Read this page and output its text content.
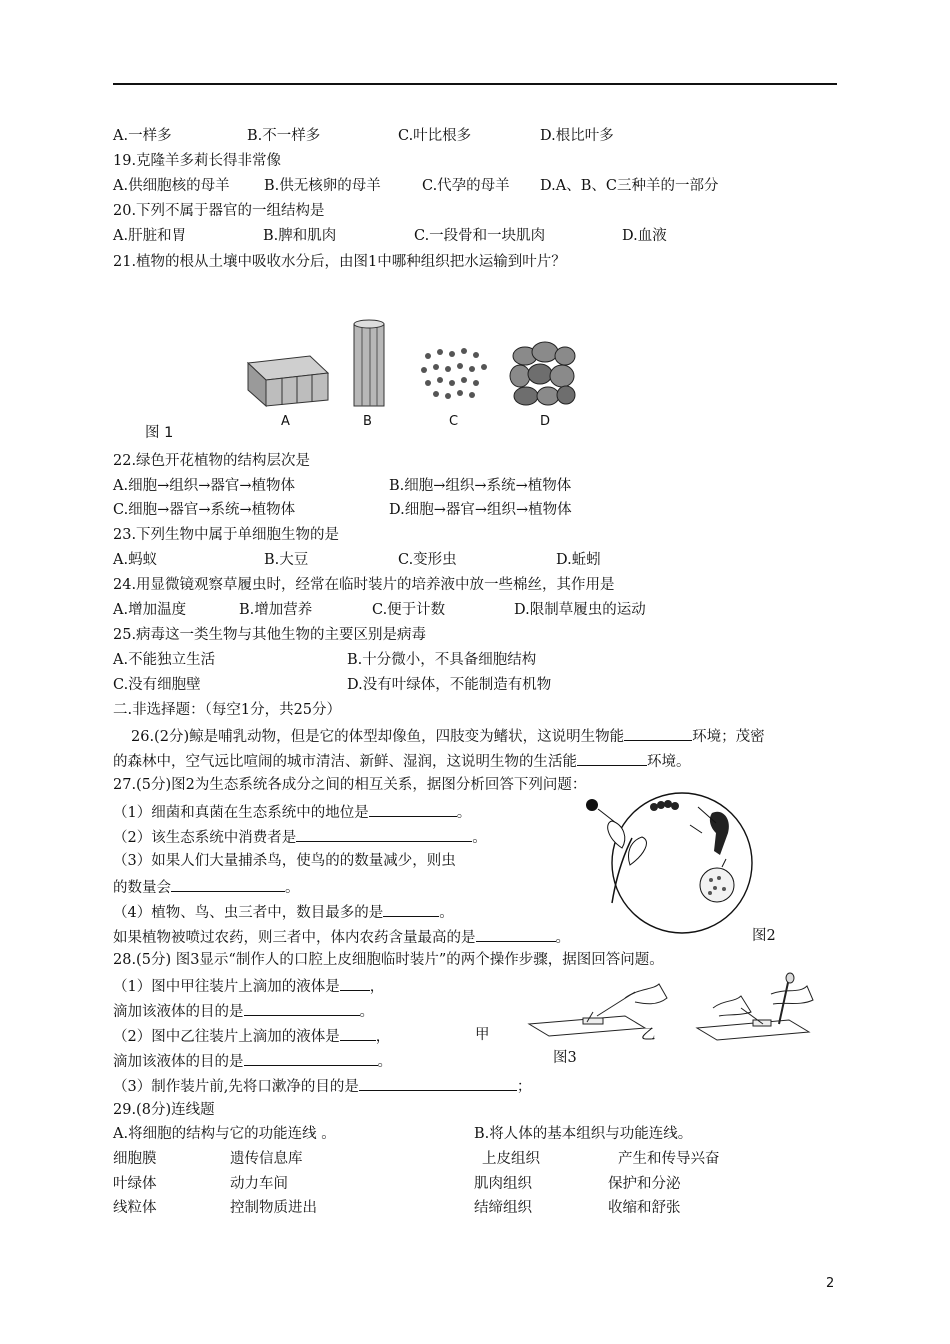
A.一样多	B.不一样多	C.叶比根多	D.根比叶多
19.克隆羊多莉长得非常像
A.供细胞核的母羊 B.供无核卵的母羊	C.代孕的母羊 D.A、B、C三种羊的一部分
20.下列不属于器官的一组结构是
A.肝脏和胃	B.脾和肌肉	C.一段骨和一块肌肉	D.血液
21.植物的根从土壤中吸收水分后，由图1中哪种组织把水运输到叶片？
A	B	C	D
图 1
22.绿色开花植物的结构层次是
A.细胞→组织→器官→植物体	B.细胞→组织→系统→植物体
C.细胞→器官→系统→植物体	D.细胞→器官→组织→植物体
23.下列生物中属于单细胞生物的是
A.蚂蚁	B.大豆	C.变形虫	D.蚯蚓
24.用显微镜观察草履虫时，经常在临时装片的培养液中放一些棉丝，其作用是
A.增加温度	B.增加营养	C.便于计数	D.限制草履虫的运动
25.病毒这一类生物与其他生物的主要区别是病毒
A.不能独立生活	B.十分微小，不具备细胞结构
C.没有细胞壁	D.没有叶绿体，不能制造有机物
二.非选择题：（每空1分，共25分）
26.(2分)鲸是哺乳动物，但是它的体型却像鱼，四肢变为鳍状，这说明生物能	环境；茂密
的森林中，空气远比喧闹的城市清洁、新鲜、湿润，这说明生物的生活能	环境。
27.(5分)图2为生态系统各成分之间的相互关系，据图分析回答下列问题：
（1）细菌和真菌在生态系统中的地位是	。
（2）该生态系统中消费者是	。
（3）如果人们大量捕杀鸟，使鸟的的数量减少，则虫
的数量会	。
（4）植物、鸟、虫三者中，数目最多的是	。
如果植物被喷过农药，则三者中，体内农药含量最高的是	。	图2
28.(5分) 图3显示“制作人的口腔上皮细胞临时装片”的两个操作步骤，据图回答问题。
（1）图中甲往装片上滴加的液体是 ，
滴加该液体的目的是	。
（2）图中乙往装片上滴加的液体是 ，
滴加该液体的目的是	。
（3）制作装片前,先将口漱净的目的是	；
甲	乙
图3
29.(8分)连线题
A.将细胞的结构与它的功能连线 。	B.将人体的基本组织与功能连线。
细胞膜	遗传信息库	上皮组织	产生和传导兴奋
叶绿体	动力车间	肌肉组织	保护和分泌
线粒体	控制物质进出	结缔组织	收缩和舒张
2
